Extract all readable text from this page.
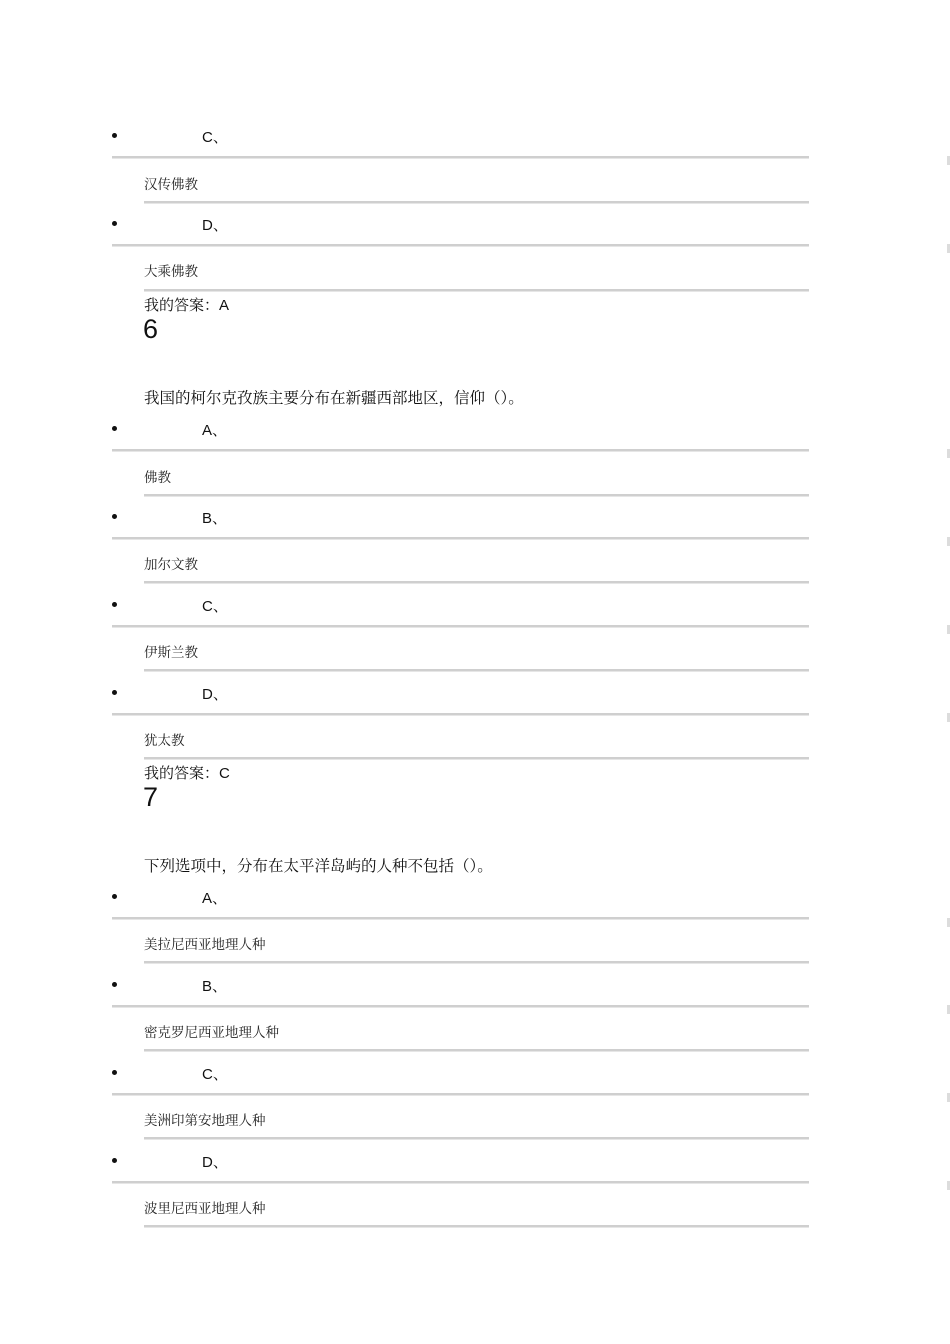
C、
汉传佛教
D、
大乘佛教
我的答案：A
6
我国的柯尔克孜族主要分布在新疆西部地区，信仰（）。
A、
佛教
B、
加尔文教
C、
伊斯兰教
D、
犹太教
我的答案：C
7
下列选项中，分布在太平洋岛屿的人种不包括（）。
A、
美拉尼西亚地理人种
B、
密克罗尼西亚地理人种
C、
美洲印第安地理人种
D、
波里尼西亚地理人种
